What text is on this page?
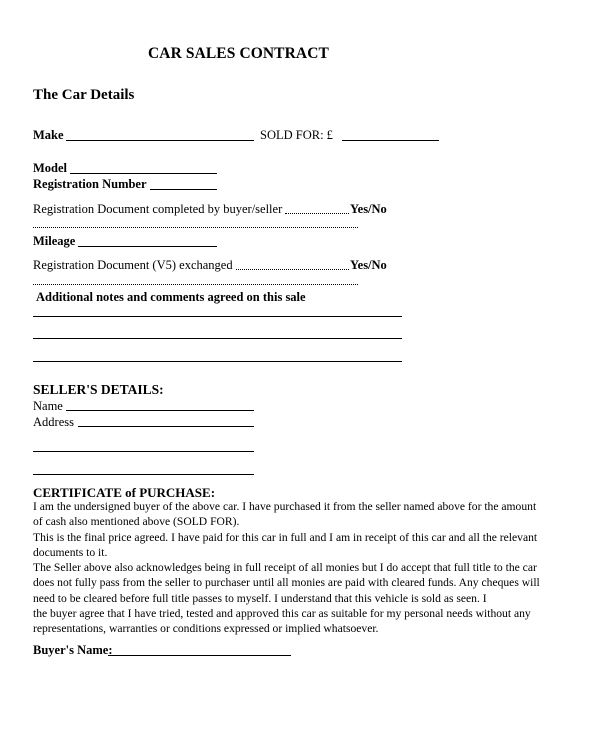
CAR SALES CONTRACT
The Car Details
Make	SOLD FOR: £
Model
Registration Number
Registration Document completed by buyer/seller	Yes/No
Mileage
Registration Document (V5) exchanged	Yes/No
Additional notes and comments agreed on this sale
SELLER'S DETAILS:
Name
Address
CERTIFICATE of PURCHASE:
I am the undersigned buyer of the above car. I have purchased it from the seller named above for the amount
of cash also mentioned above (SOLD FOR).
This is the final price agreed. I have paid for this car in full and I am in receipt of this car and all the relevant
documents to it.
The Seller above also acknowledges being in full receipt of all monies but I do accept that full title to the car
does not fully pass from the seller to purchaser until all monies are paid with cleared funds. Any cheques will
need to be cleared before full title passes to myself. I understand that this vehicle is sold as seen. I
the buyer agree that I have tried, tested and approved this car as suitable for my personal needs without any
representations, warranties or conditions expressed or implied whatsoever.
Buyer's Name:
